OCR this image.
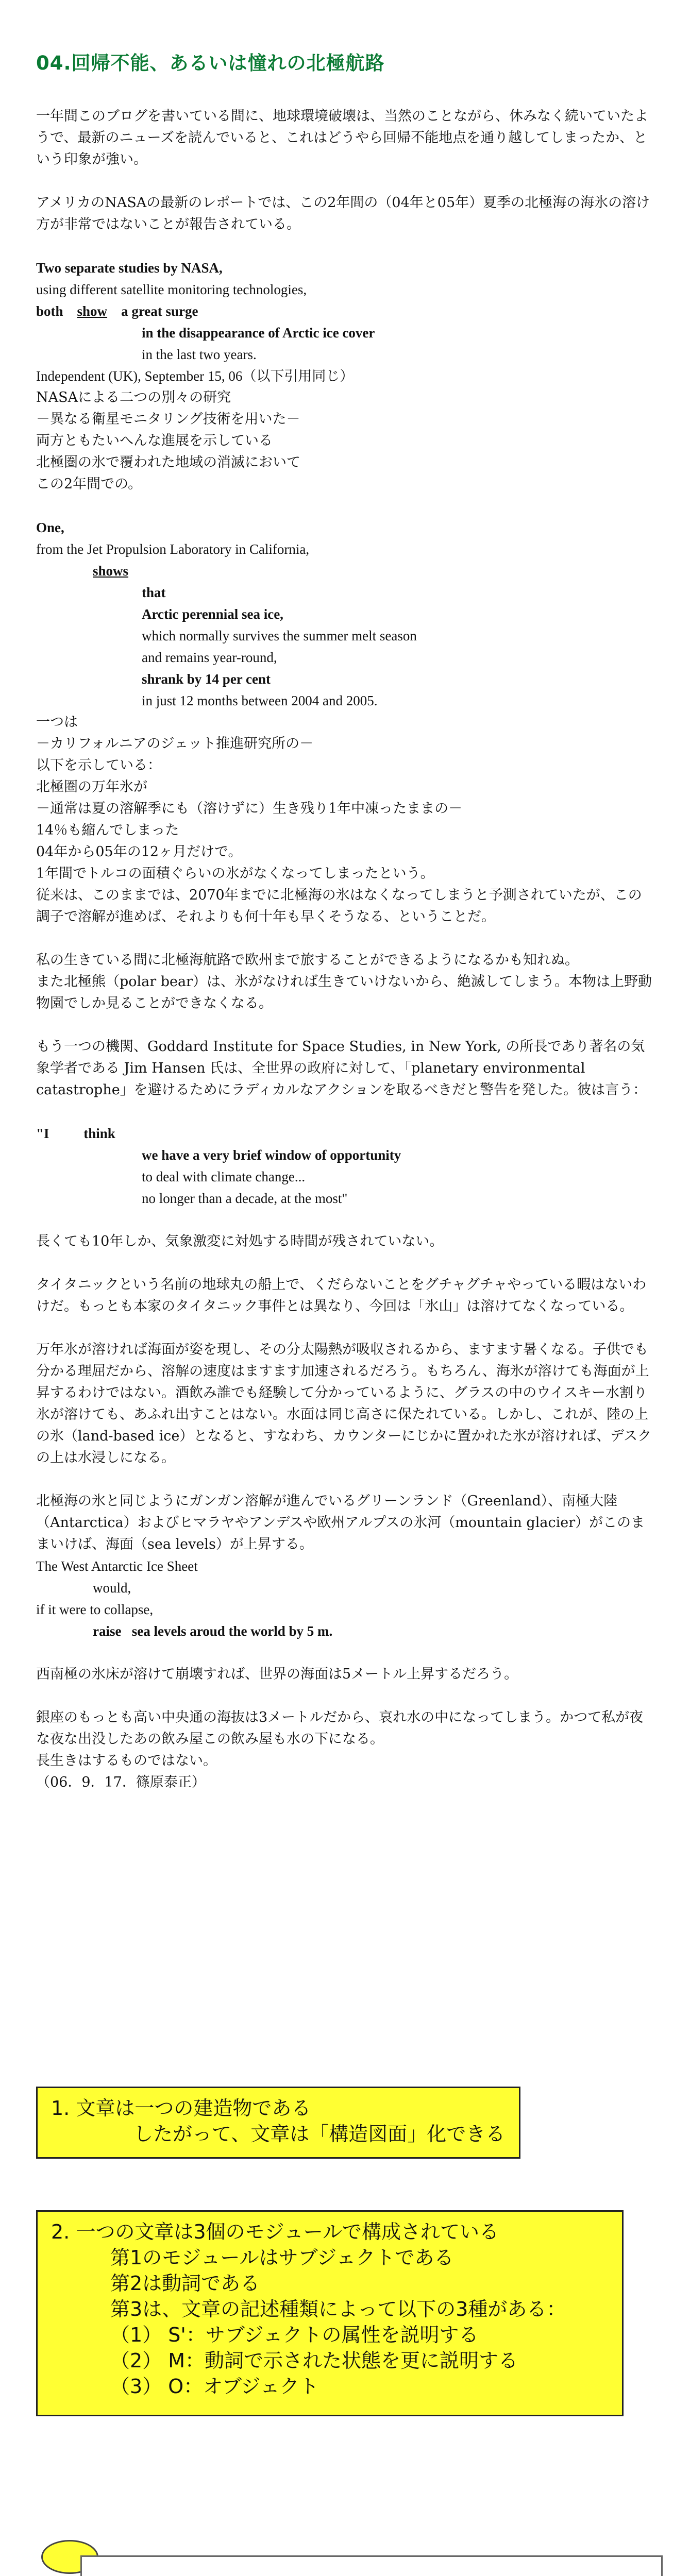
04.回帰不能、あるいは憧れの北極航路

一年間このブログを書いている間に、地球環境破壊は、当然のことながら、休みなく続いていたようで、最新のニューズを読んでいると、これはどうやら回帰不能地点を通り越してしまったか、という印象が強い。

アメリカのNASAの最新のレポートでは、この2年間の（04年と05年）夏季の北極海の海氷の溶け方が非常ではないことが報告されている。

Two separate studies by NASA,

using different satellite monitoring technologies,

both show a great surge

in the disappearance of Arctic ice cover

in the last two years.

Independent (UK), September 15, 06（以下引用同じ）

NASAによる二つの別々の研究

－異なる衛星モニタリング技術を用いた－

両方ともたいへんな進展を示している

北極圏の氷で覆われた地域の消滅において

この2年間での。

One,

from the Jet Propulsion Laboratory in California,

shows

that

Arctic perennial sea ice,

which normally survives the summer melt season

and remains year-round,

shrank by 14 per cent

in just 12 months between 2004 and 2005.

一つは

－カリフォルニアのジェット推進研究所の－

以下を示している：

北極圏の万年氷が

－通常は夏の溶解季にも（溶けずに）生き残り1年中凍ったままの－

14％も縮んでしまった

04年から05年の12ヶ月だけで。

1年間でトルコの面積ぐらいの氷がなくなってしまったという。

従来は、このままでは、2070年までに北極海の氷はなくなってしまうと予測されていたが、この調子で溶解が進めば、それよりも何十年も早くそうなる、ということだ。

私の生きている間に北極海航路で欧州まで旅することができるようになるかも知れぬ。

また北極熊（polar bear）は、氷がなければ生きていけないから、絶滅してしまう。本物は上野動物園でしか見ることができなくなる。

もう一つの機関、Goddard Institute for Space Studies, in New York, の所長であり著名の気象学者である Jim Hansen 氏は、全世界の政府に対して、「planetary environmental catastrophe」を避けるためにラディカルなアクションを取るべきだと警告を発した。彼は言う：

"I think

we have a very brief window of opportunity

to deal with climate change...

no longer than a decade, at the most"

長くても10年しか、気象激変に対処する時間が残されていない。

タイタニックという名前の地球丸の船上で、くだらないことをグチャグチャやっている暇はないわけだ。もっとも本家のタイタニック事件とは異なり、今回は「氷山」は溶けてなくなっている。

万年氷が溶ければ海面が姿を現し、その分太陽熱が吸収されるから、ますます暑くなる。子供でも分かる理屈だから、溶解の速度はますます加速されるだろう。もちろん、海氷が溶けても海面が上昇するわけではない。酒飲み誰でも経験して分かっているように、グラスの中のウイスキー水割り氷が溶けても、あふれ出すことはない。水面は同じ高さに保たれている。しかし、これが、陸の上の氷（land-based ice）となると、すなわち、カウンターにじかに置かれた氷が溶ければ、デスクの上は水浸しになる。

北極海の氷と同じようにガンガン溶解が進んでいるグリーンランド（Greenland）、南極大陸（Antarctica）およびヒマラヤやアンデスや欧州アルプスの氷河（mountain glacier）がこのままいけば、海面（sea levels）が上昇する。

The West Antarctic Ice Sheet

would,

if it were to collapse,

raise sea levels aroud the world by 5 m.

西南極の氷床が溶けて崩壊すれば、世界の海面は5メートル上昇するだろう。

銀座のもっとも高い中央通の海抜は3メートルだから、哀れ水の中になってしまう。かつて私が夜な夜な出没したあの飲み屋この飲み屋も水の下になる。

長生きはするものではない。

（06．9．17．篠原泰正）

1. 文章は一つの建造物である
したがって、文章は「構造図面」化できる
2. 一つの文章は3個のモジュールで構成されている
第1のモジュールはサブジェクトである
第2は動詞である
第3は、文章の記述種類によって以下の3種がある：
（1） S'：サブジェクトの属性を説明する
（2） M：動詞で示された状態を更に説明する
（3） O：オブジェクト
